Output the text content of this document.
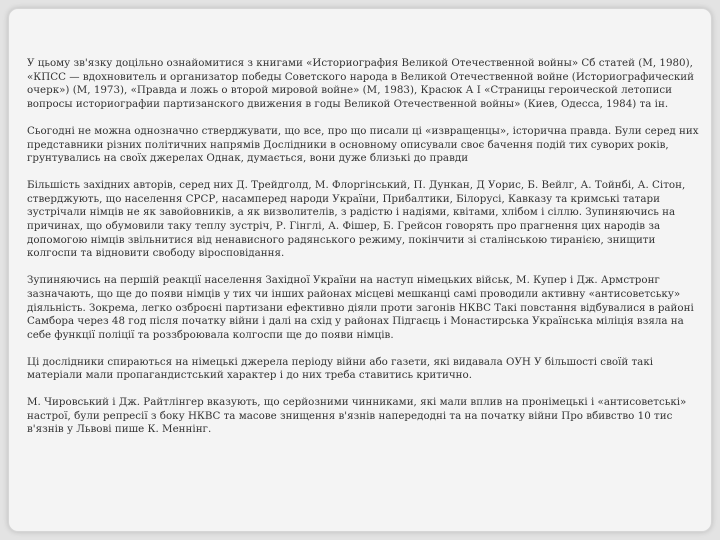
У цьому зв'язку доцільно ознайомитися з книгами «Историография Великой Отечественной войны» Сб статей (М, 1980), «КПСС — вдохновитель и организатор победы Советского народа в Великой Отечественной войне (Историографический очерк») (М, 1973), «Правда и ложь о второй мировой войне» (М, 1983), Красюк А І «Страницы героической летописи вопросы историографии партизанского движения в годы Великой Отечественной войны» (Киев, Одесса, 1984) та ін.

Сьогодні не можна однозначно стверджувати, що все, про що писали ці «извращенцы», історична правда. Були серед них представники різних політичних напрямів Дослідники в основному описували своє бачення подій тих суворих років, грунтувались на своїх джерелах Однак, думається, вони дуже близькі до правди

Більшість західних авторів, серед них Д. Трейдголд, М. Флоргінський, П. Дункан, Д Уорис, Б. Вейлг, А. Тойнбі, А. Сітон, стверджують, що населення СРСР, насамперед народи України, Прибалтики, Білорусі, Кавказу та кримські татари зустрічали німців не як завойовників, а як визволителів, з радістю і надіями, квітами, хлібом і сіллю. Зупиняючись на причинах, що обумовили таку теплу зустріч, Р. Гінглі, А. Фішер, Б. Грейсон говорять про прагнення цих народів за допомогою німців звільнитися від ненависного радянського режиму, покінчити зі сталінською тиранією, знищити колгоспи та відновити свободу віросповідання.

Зупиняючись на першій реакції населення Західної України на наступ німецьких військ, М. Купер і Дж. Армстронг зазначають, що ще до появи німців у тих чи інших районах місцеві мешканці самі проводили активну «антисоветську» діяльність. Зокрема, легко озброєні партизани ефективно діяли проти загонів НКВС Такі повстання відбувалися в районі Самбора через 48 год після початку війни і далі на схід у районах Підгаєць і Монастирська Українська міліція взяла на себе функції поліції та роззброювала колгоспи ще до появи німців.

Ці дослідники спираються на німецькі джерела періоду війни або газети, які видавала ОУН У більшості своїй такі матеріали мали пропагандистський характер і до них треба ставитись критично.

М. Чировський і Дж. Райтлінгер вказують, що серйозними чинниками, які мали вплив на пронімецькі і «антисоветські» настрої, були репресії з боку НКВС та масове знищення в'язнів напередодні та на початку війни Про вбивство 10 тис в'язнів у Львові пише К. Меннінг.
